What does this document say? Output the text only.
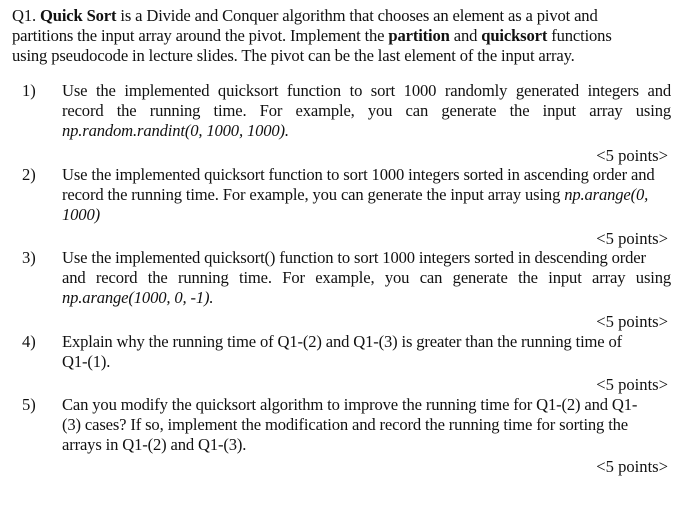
Q1. Quick Sort is a Divide and Conquer algorithm that chooses an element as a pivot and
partitions the input array around the pivot. Implement the partition and quicksort functions
using pseudocode in lecture slides. The pivot can be the last element of the input array.
1) Use the implemented quicksort function to sort 1000 randomly generated integers and
record the running time. For example, you can generate the input array using
np.random.randint(0, 1000, 1000).
<5 points>
2) Use the implemented quicksort function to sort 1000 integers sorted in ascending order and
record the running time. For example, you can generate the input array using np.arange(0,
1000)
<5 points>
3) Use the implemented quicksort() function to sort 1000 integers sorted in descending order
and record the running time. For example, you can generate the input array using
np.arange(1000, 0, -1).
<5 points>
4) Explain why the running time of Q1-(2) and Q1-(3) is greater than the running time of
Q1-(1).
<5 points>
5) Can you modify the quicksort algorithm to improve the running time for Q1-(2) and Q1-
(3) cases? If so, implement the modification and record the running time for sorting the
arrays in Q1-(2) and Q1-(3).
<5 points>
